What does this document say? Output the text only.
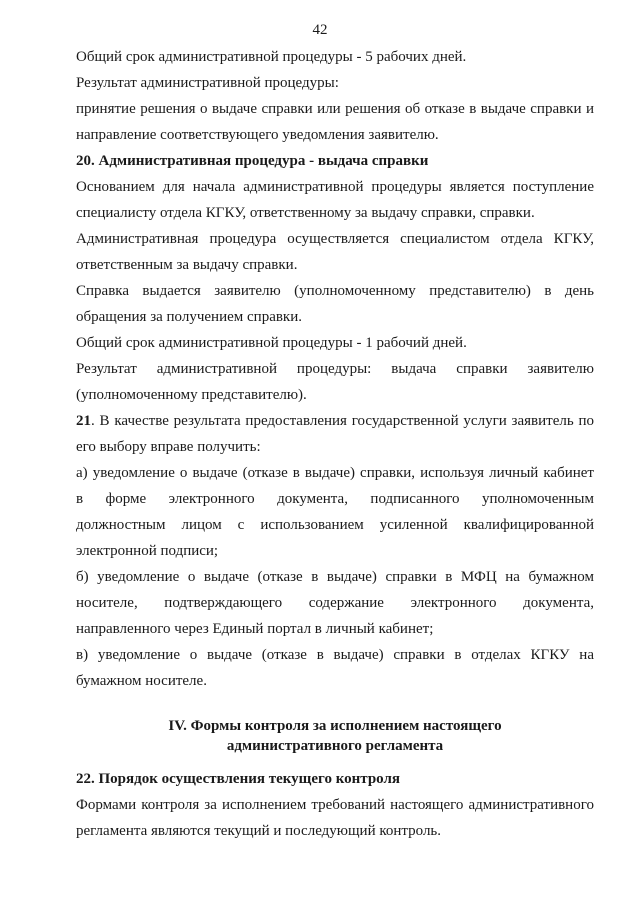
42
Общий срок административной процедуры - 5 рабочих дней.
Результат административной процедуры:
принятие решения о выдаче справки или решения об отказе в выдаче справки и
направление соответствующего уведомления заявителю.
20. Административная процедура - выдача справки
Основанием для начала административной процедуры является поступление
специалисту отдела КГКУ, ответственному за выдачу справки, справки.
Административная процедура осуществляется специалистом отдела КГКУ,
ответственным за выдачу справки.
Справка выдается заявителю (уполномоченному представителю) в день
обращения за получением справки.
Общий срок административной процедуры - 1 рабочий дней.
Результат административной процедуры: выдача справки заявителю
(уполномоченному представителю).
21. В качестве результата предоставления государственной услуги заявитель по
его выбору вправе получить:
а) уведомление о выдаче (отказе в выдаче) справки, используя личный кабинет
в форме электронного документа, подписанного уполномоченным
должностным лицом с использованием усиленной квалифицированной
электронной подписи;
б) уведомление о выдаче (отказе в выдаче) справки в МФЦ на бумажном
носителе, подтверждающего содержание электронного документа,
направленного через Единый портал в личный кабинет;
в) уведомление о выдаче (отказе в выдаче) справки в отделах КГКУ на
бумажном носителе.
IV. Формы контроля за исполнением настоящего
административного регламента
22. Порядок осуществления текущего контроля
Формами контроля за исполнением требований настоящего административного
регламента являются текущий и последующий контроль.
